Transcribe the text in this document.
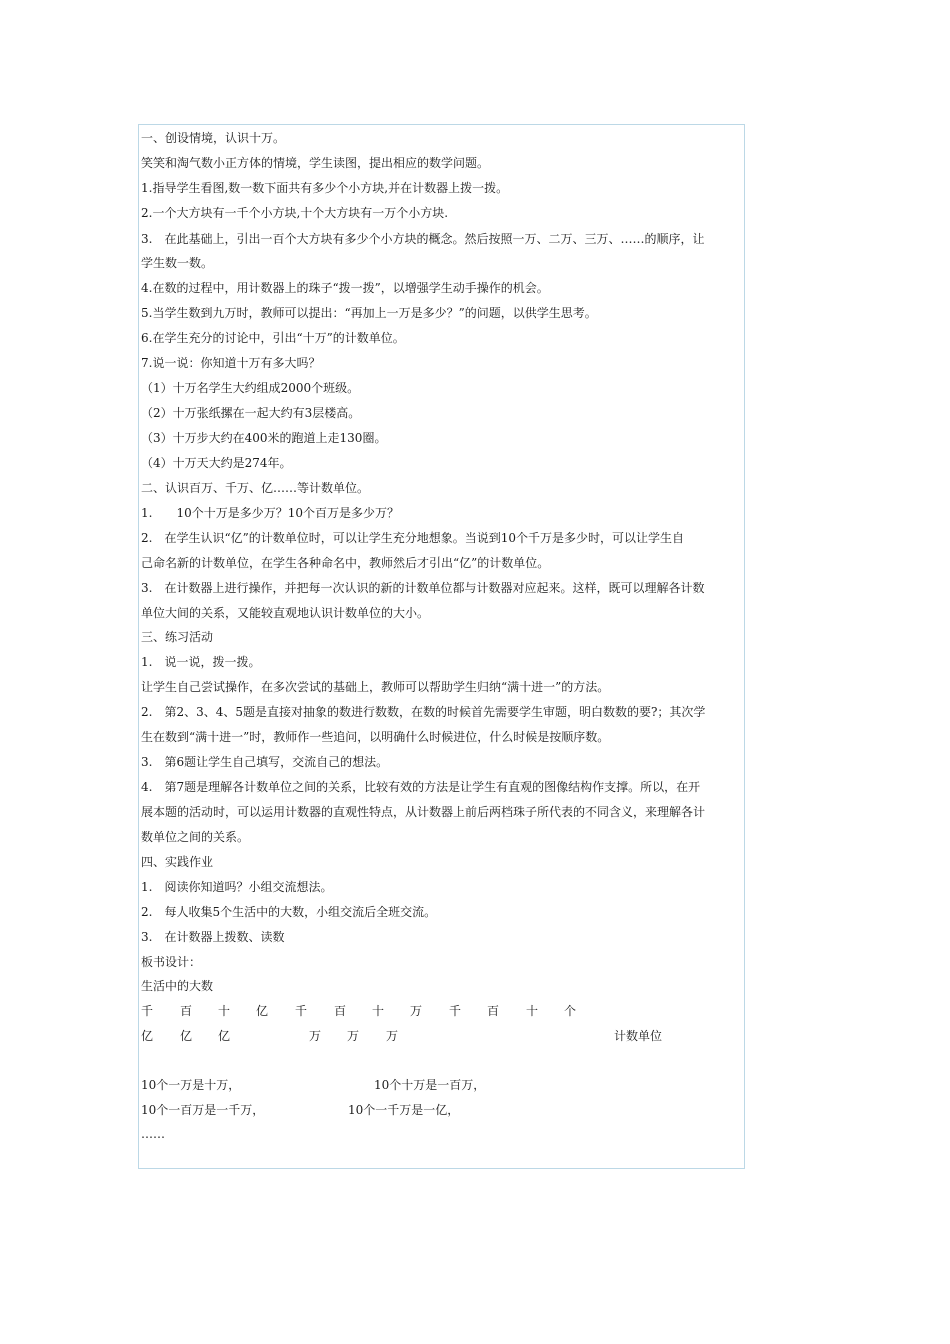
一、创设情境，认识十万。
笑笑和淘气数小正方体的情境，学生读图，提出相应的数学问题。
1.指导学生看图,数一数下面共有多少个小方块,并在计数器上拨一拨。
2.一个大方块有一千个小方块,十个大方块有一万个小方块.
3.　在此基础上，引出一百个大方块有多少个小方块的概念。然后按照一万、二万、三万、……的顺序，让
学生数一数。
4.在数的过程中，用计数器上的珠子“拨一拨”，以增强学生动手操作的机会。
5.当学生数到九万时，教师可以提出：“再加上一万是多少？”的问题，以供学生思考。
6.在学生充分的讨论中，引出“十万”的计数单位。
7.说一说：你知道十万有多大吗？
（1）十万名学生大约组成2000个班级。
（2）十万张纸摞在一起大约有3层楼高。
（3）十万步大约在400米的跑道上走130圈。
（4）十万天大约是274年。
二、认识百万、千万、亿……等计数单位。
1.　　10个十万是多少万？10个百万是多少万？
2.　在学生认识“亿”的计数单位时，可以让学生充分地想象。当说到10个千万是多少时，可以让学生自
己命名新的计数单位，在学生各种命名中，教师然后才引出“亿”的计数单位。
3.　在计数器上进行操作，并把每一次认识的新的计数单位都与计数器对应起来。这样，既可以理解各计数
单位大间的关系，又能较直观地认识计数单位的大小。
三、练习活动
1.　说一说，拨一拨。
让学生自己尝试操作，在多次尝试的基础上，教师可以帮助学生归纳“满十进一”的方法。
2.　第2、3、4、5题是直接对抽象的数进行数数，在数的时候首先需要学生审题，明白数数的要?；其次学
生在数到“满十进一”时，教师作一些追问，以明确什么时候进位，什么时候是按顺序数。
3.　第6题让学生自己填写，交流自己的想法。
4.　第7题是理解各计数单位之间的关系，比较有效的方法是让学生有直观的图像结构作支撑。所以，在开
展本题的活动时，可以运用计数器的直观性特点，从计数器上前后两档珠子所代表的不同含义，来理解各计
数单位之间的关系。
四、实践作业
1.　阅读你知道吗？小组交流想法。
2.　每人收集5个生活中的大数，小组交流后全班交流。
3.　在计数器上拨数、读数
板书设计：
生活中的大数
千 百 十 亿 千 百 十 万 千 百 十 个
亿 亿 亿	万 万 万	计数单位
10个一万是十万，	10个十万是一百万，
10个一百万是一千万，	10个一千万是一亿，
……
